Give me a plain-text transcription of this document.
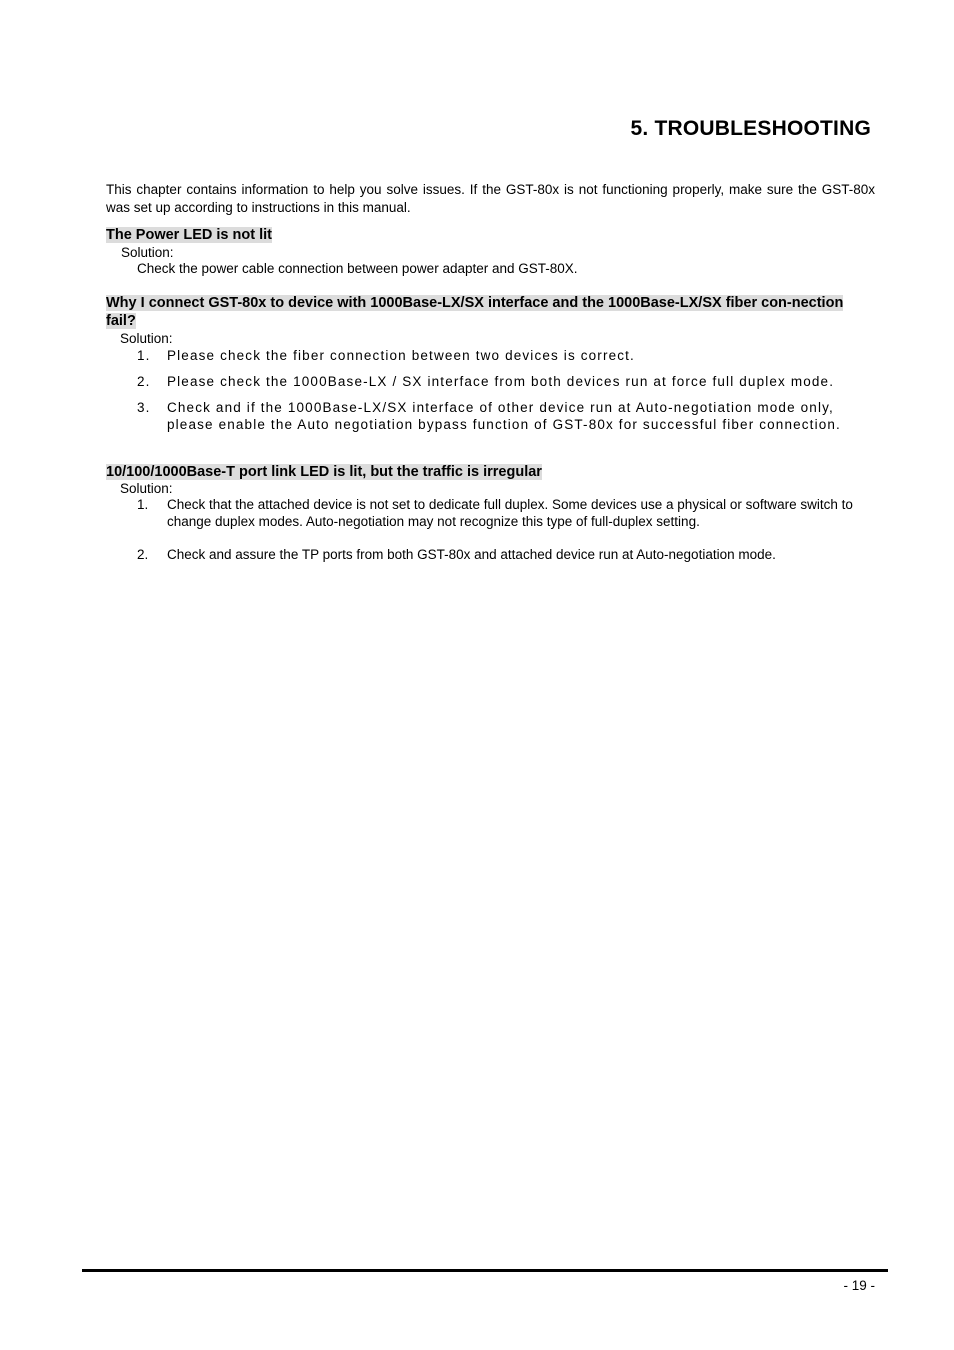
5. TROUBLESHOOTING

This chapter contains information to help you solve issues. If the GST-80x is not functioning properly, make sure the GST-80x was set up according to instructions in this manual.

The Power LED is not lit

Solution:

Check the power cable connection between power adapter and GST-80X.

Why I connect GST-80x to device with 1000Base-LX/SX interface and the 1000Base-LX/SX fiber con-nection fail?

Solution:

1. Please check the fiber connection between two devices is correct.
2. Please check the 1000Base-LX / SX interface from both devices run at force full duplex mode.
3. Check and if the 1000Base-LX/SX interface of other device run at Auto-negotiation mode only, please enable the Auto negotiation bypass function of GST-80x for successful fiber connection.
10/100/1000Base-T port link LED is lit, but the traffic is irregular

Solution:

1. Check that the attached device is not set to dedicate full duplex. Some devices use a physical or software switch to change duplex modes. Auto-negotiation may not recognize this type of full-duplex setting.
2. Check and assure the TP ports from both GST-80x and attached device run at Auto-negotiation mode.

- 19 -
